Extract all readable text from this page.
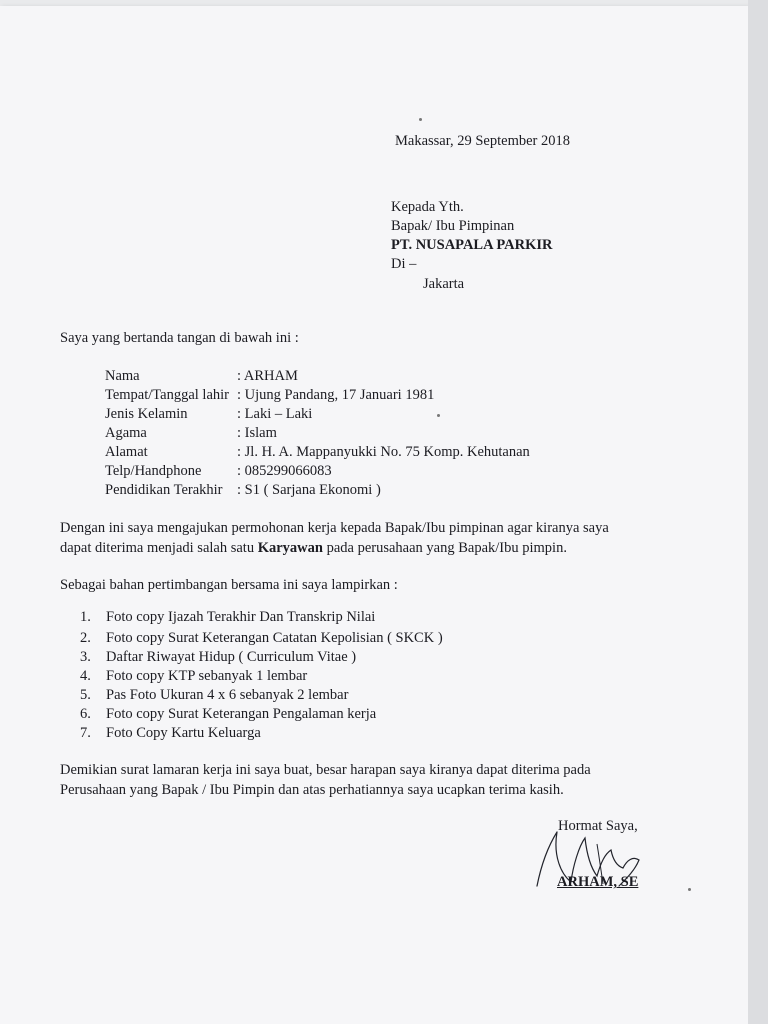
Makassar, 29 September 2018
Kepada Yth.
Bapak/ Ibu Pimpinan
PT. NUSAPALA PARKIR
Di –
Jakarta
Saya yang bertanda tangan di bawah ini :
Nama	: ARHAM
Tempat/Tanggal lahir : Ujung Pandang, 17 Januari 1981
Jenis Kelamin	: Laki – Laki
Agama	: Islam
Alamat	: Jl. H. A. Mappanyukki No. 75 Komp. Kehutanan
Telp/Handphone : 085299066083
Pendidikan Terakhir : S1 ( Sarjana Ekonomi )
Dengan ini saya mengajukan permohonan kerja kepada Bapak/Ibu pimpinan agar kiranya saya
dapat diterima menjadi salah satu Karyawan pada perusahaan yang Bapak/Ibu pimpin.
Sebagai bahan pertimbangan bersama ini saya lampirkan :
1. Foto copy Ijazah Terakhir Dan Transkrip Nilai
2. Foto copy Surat Keterangan Catatan Kepolisian ( SKCK )
3. Daftar Riwayat Hidup ( Curriculum Vitae )
4. Foto copy KTP sebanyak 1 lembar
5. Pas Foto Ukuran 4 x 6 sebanyak 2 lembar
6. Foto copy Surat Keterangan Pengalaman kerja
7. Foto Copy Kartu Keluarga
Demikian surat lamaran kerja ini saya buat, besar harapan saya kiranya dapat diterima pada
Perusahaan yang Bapak / Ibu Pimpin dan atas perhatiannya saya ucapkan terima kasih.
Hormat Saya,
ARHAM, SE
